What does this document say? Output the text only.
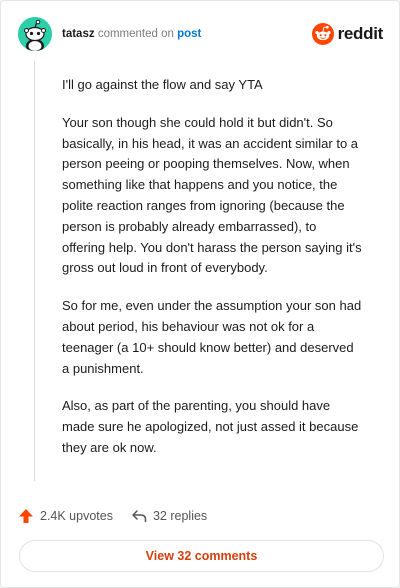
tatasz commented on post	reddit

I'll go against the flow and say YTA

Your son though she could hold it but didn't. So basically, in his head, it was an accident similar to a person peeing or pooping themselves. Now, when something like that happens and you notice, the polite reaction ranges from ignoring (because the person is probably already embarrassed), to offering help. You don't harass the person saying it's gross out loud in front of everybody.

So for me, even under the assumption your son had about period, his behaviour was not ok for a teenager (a 10+ should know better) and deserved a punishment.

Also, as part of the parenting, you should have made sure he apologized, not just assed it because they are ok now.

2.4K upvotes	32 replies
View 32 comments
